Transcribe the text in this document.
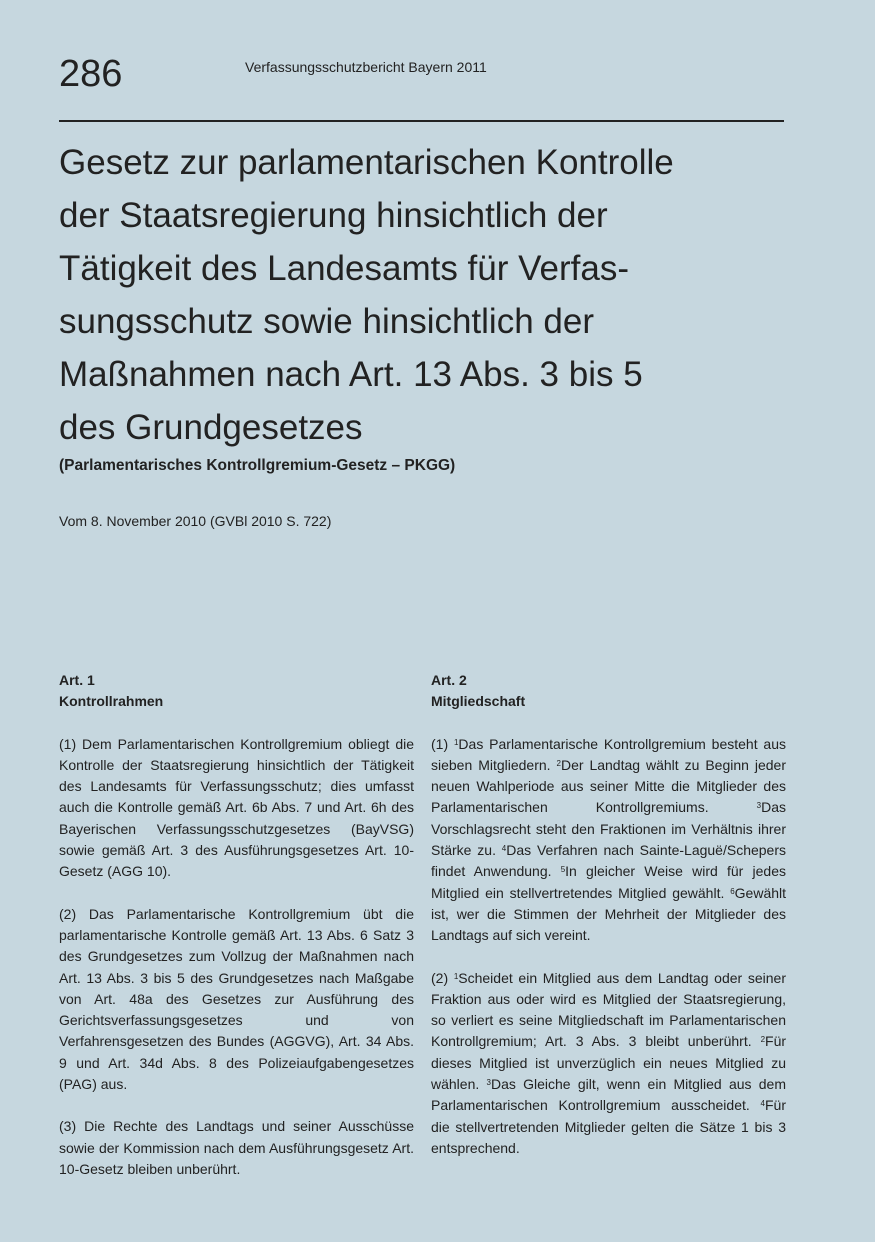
286	Verfassungsschutzbericht Bayern 2011
Gesetz zur parlamentarischen Kontrolle
der Staatsregierung hinsichtlich der
Tätigkeit des Landesamts für Verfas-
sungsschutz sowie hinsichtlich der
Maßnahmen nach Art. 13 Abs. 3 bis 5
des Grundgesetzes
(Parlamentarisches Kontrollgremium-Gesetz – PKGG)
Vom 8. November 2010 (GVBl 2010 S. 722)
Art. 1
Kontrollrahmen

(1) Dem Parlamentarischen Kontrollgremium obliegt die Kontrolle der Staatsregierung hinsichtlich der Tätigkeit des Landesamts für Verfassungsschutz; dies umfasst auch die Kontrolle gemäß Art. 6b Abs. 7 und Art. 6h des Bayerischen Verfassungsschutzgesetzes (BayVSG) sowie gemäß Art. 3 des Ausführungsgesetzes Art. 10-Gesetz (AGG 10).

(2) Das Parlamentarische Kontrollgremium übt die parlamentarische Kontrolle gemäß Art. 13 Abs. 6 Satz 3 des Grundgesetzes zum Vollzug der Maßnahmen nach Art. 13 Abs. 3 bis 5 des Grundgesetzes nach Maßgabe von Art. 48a des Gesetzes zur Ausführung des Gerichtsverfassungsgesetzes und von Verfahrensgesetzen des Bundes (AGGVG), Art. 34 Abs. 9 und Art. 34d Abs. 8 des Polizeiaufgabengesetzes (PAG) aus.

(3) Die Rechte des Landtags und seiner Ausschüsse sowie der Kommission nach dem Ausführungsgesetz Art. 10-Gesetz bleiben unberührt.

Art. 2
Mitgliedschaft

(1) $^1$Das Parlamentarische Kontrollgremium besteht aus sieben Mitgliedern. $^2$Der Landtag wählt zu Beginn jeder neuen Wahlperiode aus seiner Mitte die Mitglieder des Parlamentarischen Kontrollgremiums.	$^3$Das Vorschlagsrecht steht den Fraktionen im Verhältnis ihrer Stärke zu. $^4$Das Verfahren nach Sainte-Laguë/Schepers findet Anwendung. $^5$In gleicher Weise wird für jedes Mitglied ein stellvertretendes Mitglied gewählt. $^6$Gewählt ist, wer die Stimmen der Mehrheit der Mitglieder des Landtags auf sich vereint.

(2) $^1$Scheidet ein Mitglied aus dem Landtag oder seiner Fraktion aus oder wird es Mitglied der Staatsregierung, so verliert es seine Mitgliedschaft im Parlamentarischen Kontrollgremium; Art. 3 Abs. 3 bleibt unberührt. $^2$Für dieses Mitglied ist unverzüglich ein neues Mitglied zu wählen. $^3$Das Gleiche gilt, wenn ein Mitglied aus dem Parlamentarischen Kontrollgremium ausscheidet. $^4$Für die stellvertretenden Mitglieder gelten die Sätze 1 bis 3 entsprechend.
